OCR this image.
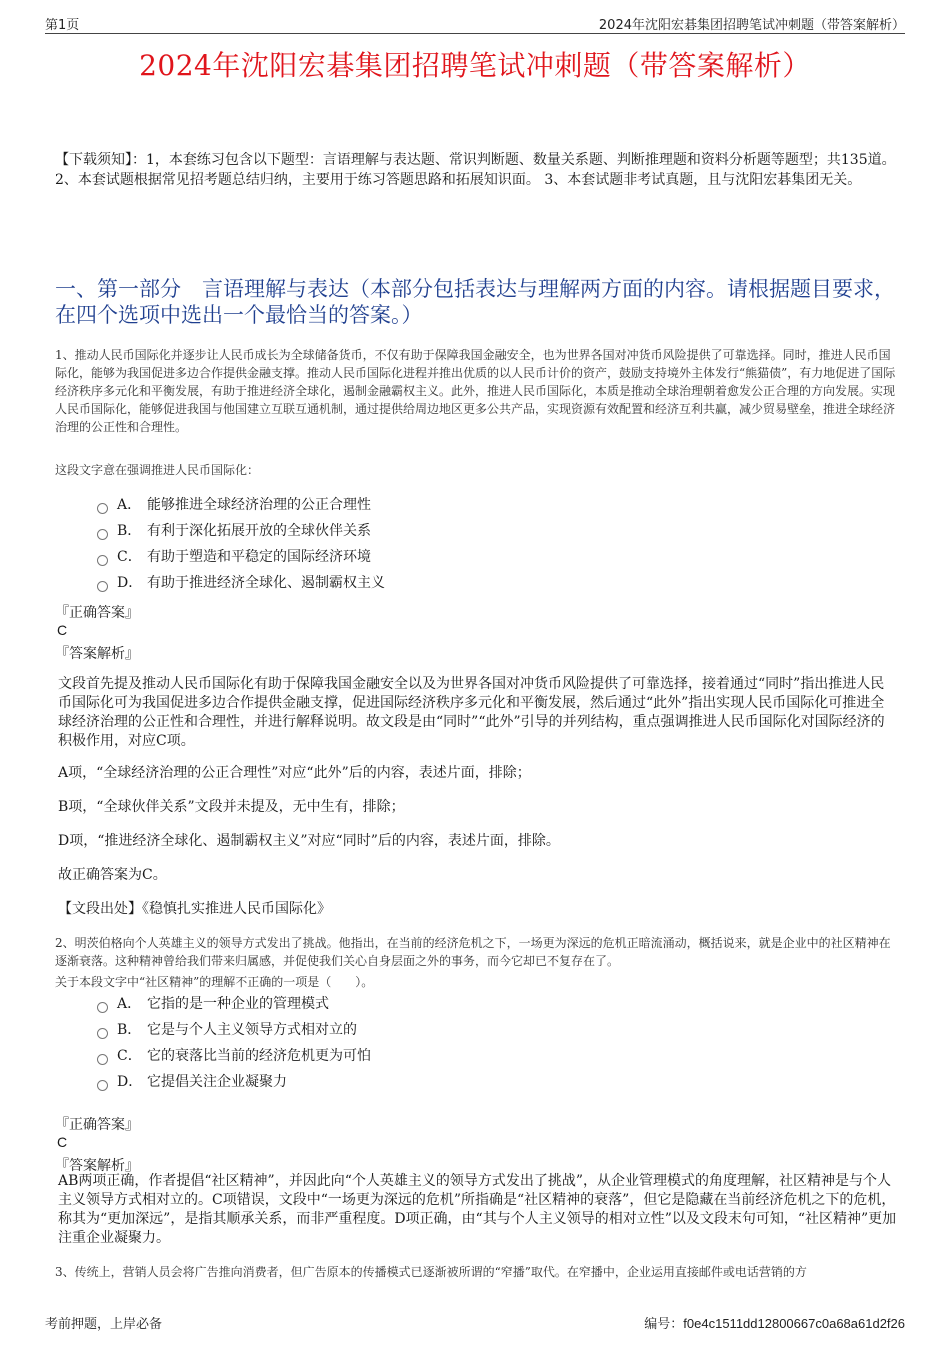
第1页	2024年沈阳宏碁集团招聘笔试冲刺题（带答案解析）
2024年沈阳宏碁集团招聘笔试冲刺题（带答案解析）
【下载须知】：1，本套练习包含以下题型：言语理解与表达题、常识判断题、数量关系题、判断推理题和资料分析题等题型；共135道。 2、本套试题根据常见招考题总结归纳，主要用于练习答题思路和拓展知识面。 3、本套试题非考试真题，且与沈阳宏碁集团无关。
一、第一部分　言语理解与表达（本部分包括表达与理解两方面的内容。请根据题目要求，在四个选项中选出一个最恰当的答案。）
1、推动人民币国际化并逐步让人民币成长为全球储备货币，不仅有助于保障我国金融安全，也为世界各国对冲货币风险提供了可靠选择。同时，推进人民币国际化，能够为我国促进多边合作提供金融支撑。推动人民币国际化进程并推出优质的以人民币计价的资产，鼓励支持境外主体发行“熊猫债”，有力地促进了国际经济秩序多元化和平衡发展，有助于推进经济全球化，遏制金融霸权主义。此外，推进人民币国际化，本质是推动全球治理朝着愈发公正合理的方向发展。实现人民币国际化，能够促进我国与他国建立互联互通机制，通过提供给周边地区更多公共产品，实现资源有效配置和经济互利共赢，减少贸易壁垒，推进全球经济治理的公正性和合理性。
这段文字意在强调推进人民币国际化：
A． 能够推进全球经济治理的公正合理性
B． 有利于深化拓展开放的全球伙伴关系
C． 有助于塑造和平稳定的国际经济环境
D． 有助于推进经济全球化、遏制霸权主义
『正确答案』
C
『答案解析』
文段首先提及推动人民币国际化有助于保障我国金融安全以及为世界各国对冲货币风险提供了可靠选择，接着通过“同时”指出推进人民币国际化可为我国促进多边合作提供金融支撑，促进国际经济秩序多元化和平衡发展，然后通过“此外”指出实现人民币国际化可推进全球经济治理的公正性和合理性，并进行解释说明。故文段是由“同时”“此外”引导的并列结构，重点强调推进人民币国际化对国际经济的积极作用，对应C项。
A项，“全球经济治理的公正合理性”对应“此外”后的内容，表述片面，排除；
B项，“全球伙伴关系”文段并未提及，无中生有，排除；
D项，“推进经济全球化、遏制霸权主义”对应“同时”后的内容，表述片面，排除。
故正确答案为C。
【文段出处】《稳慎扎实推进人民币国际化》
2、明茨伯格向个人英雄主义的领导方式发出了挑战。他指出，在当前的经济危机之下，一场更为深远的危机正暗流涌动，概括说来，就是企业中的社区精神在逐渐衰落。这种精神曾给我们带来归属感，并促使我们关心自身层面之外的事务，而今它却已不复存在了。
关于本段文字中“社区精神”的理解不正确的一项是（　　）。
A． 它指的是一种企业的管理模式
B． 它是与个人主义领导方式相对立的
C． 它的衰落比当前的经济危机更为可怕
D． 它提倡关注企业凝聚力
『正确答案』
C
『答案解析』
AB两项正确，作者提倡“社区精神”，并因此向“个人英雄主义的领导方式发出了挑战”，从企业管理模式的角度理解，社区精神是与个人主义领导方式相对立的。C项错误，文段中“一场更为深远的危机”所指确是“社区精神的衰落”，但它是隐藏在当前经济危机之下的危机，称其为“更加深远”，是指其顺承关系，而非严重程度。D项正确，由“其与个人主义领导的相对立性”以及文段末句可知，“社区精神”更加注重企业凝聚力。
3、传统上，营销人员会将广告推向消费者，但广告原本的传播模式已逐渐被所谓的“窄播”取代。在窄播中，企业运用直接邮件或电话营销的方
考前押题，上岸必备	编号：f0e4c1511dd12800667c0a68a61d2f26
